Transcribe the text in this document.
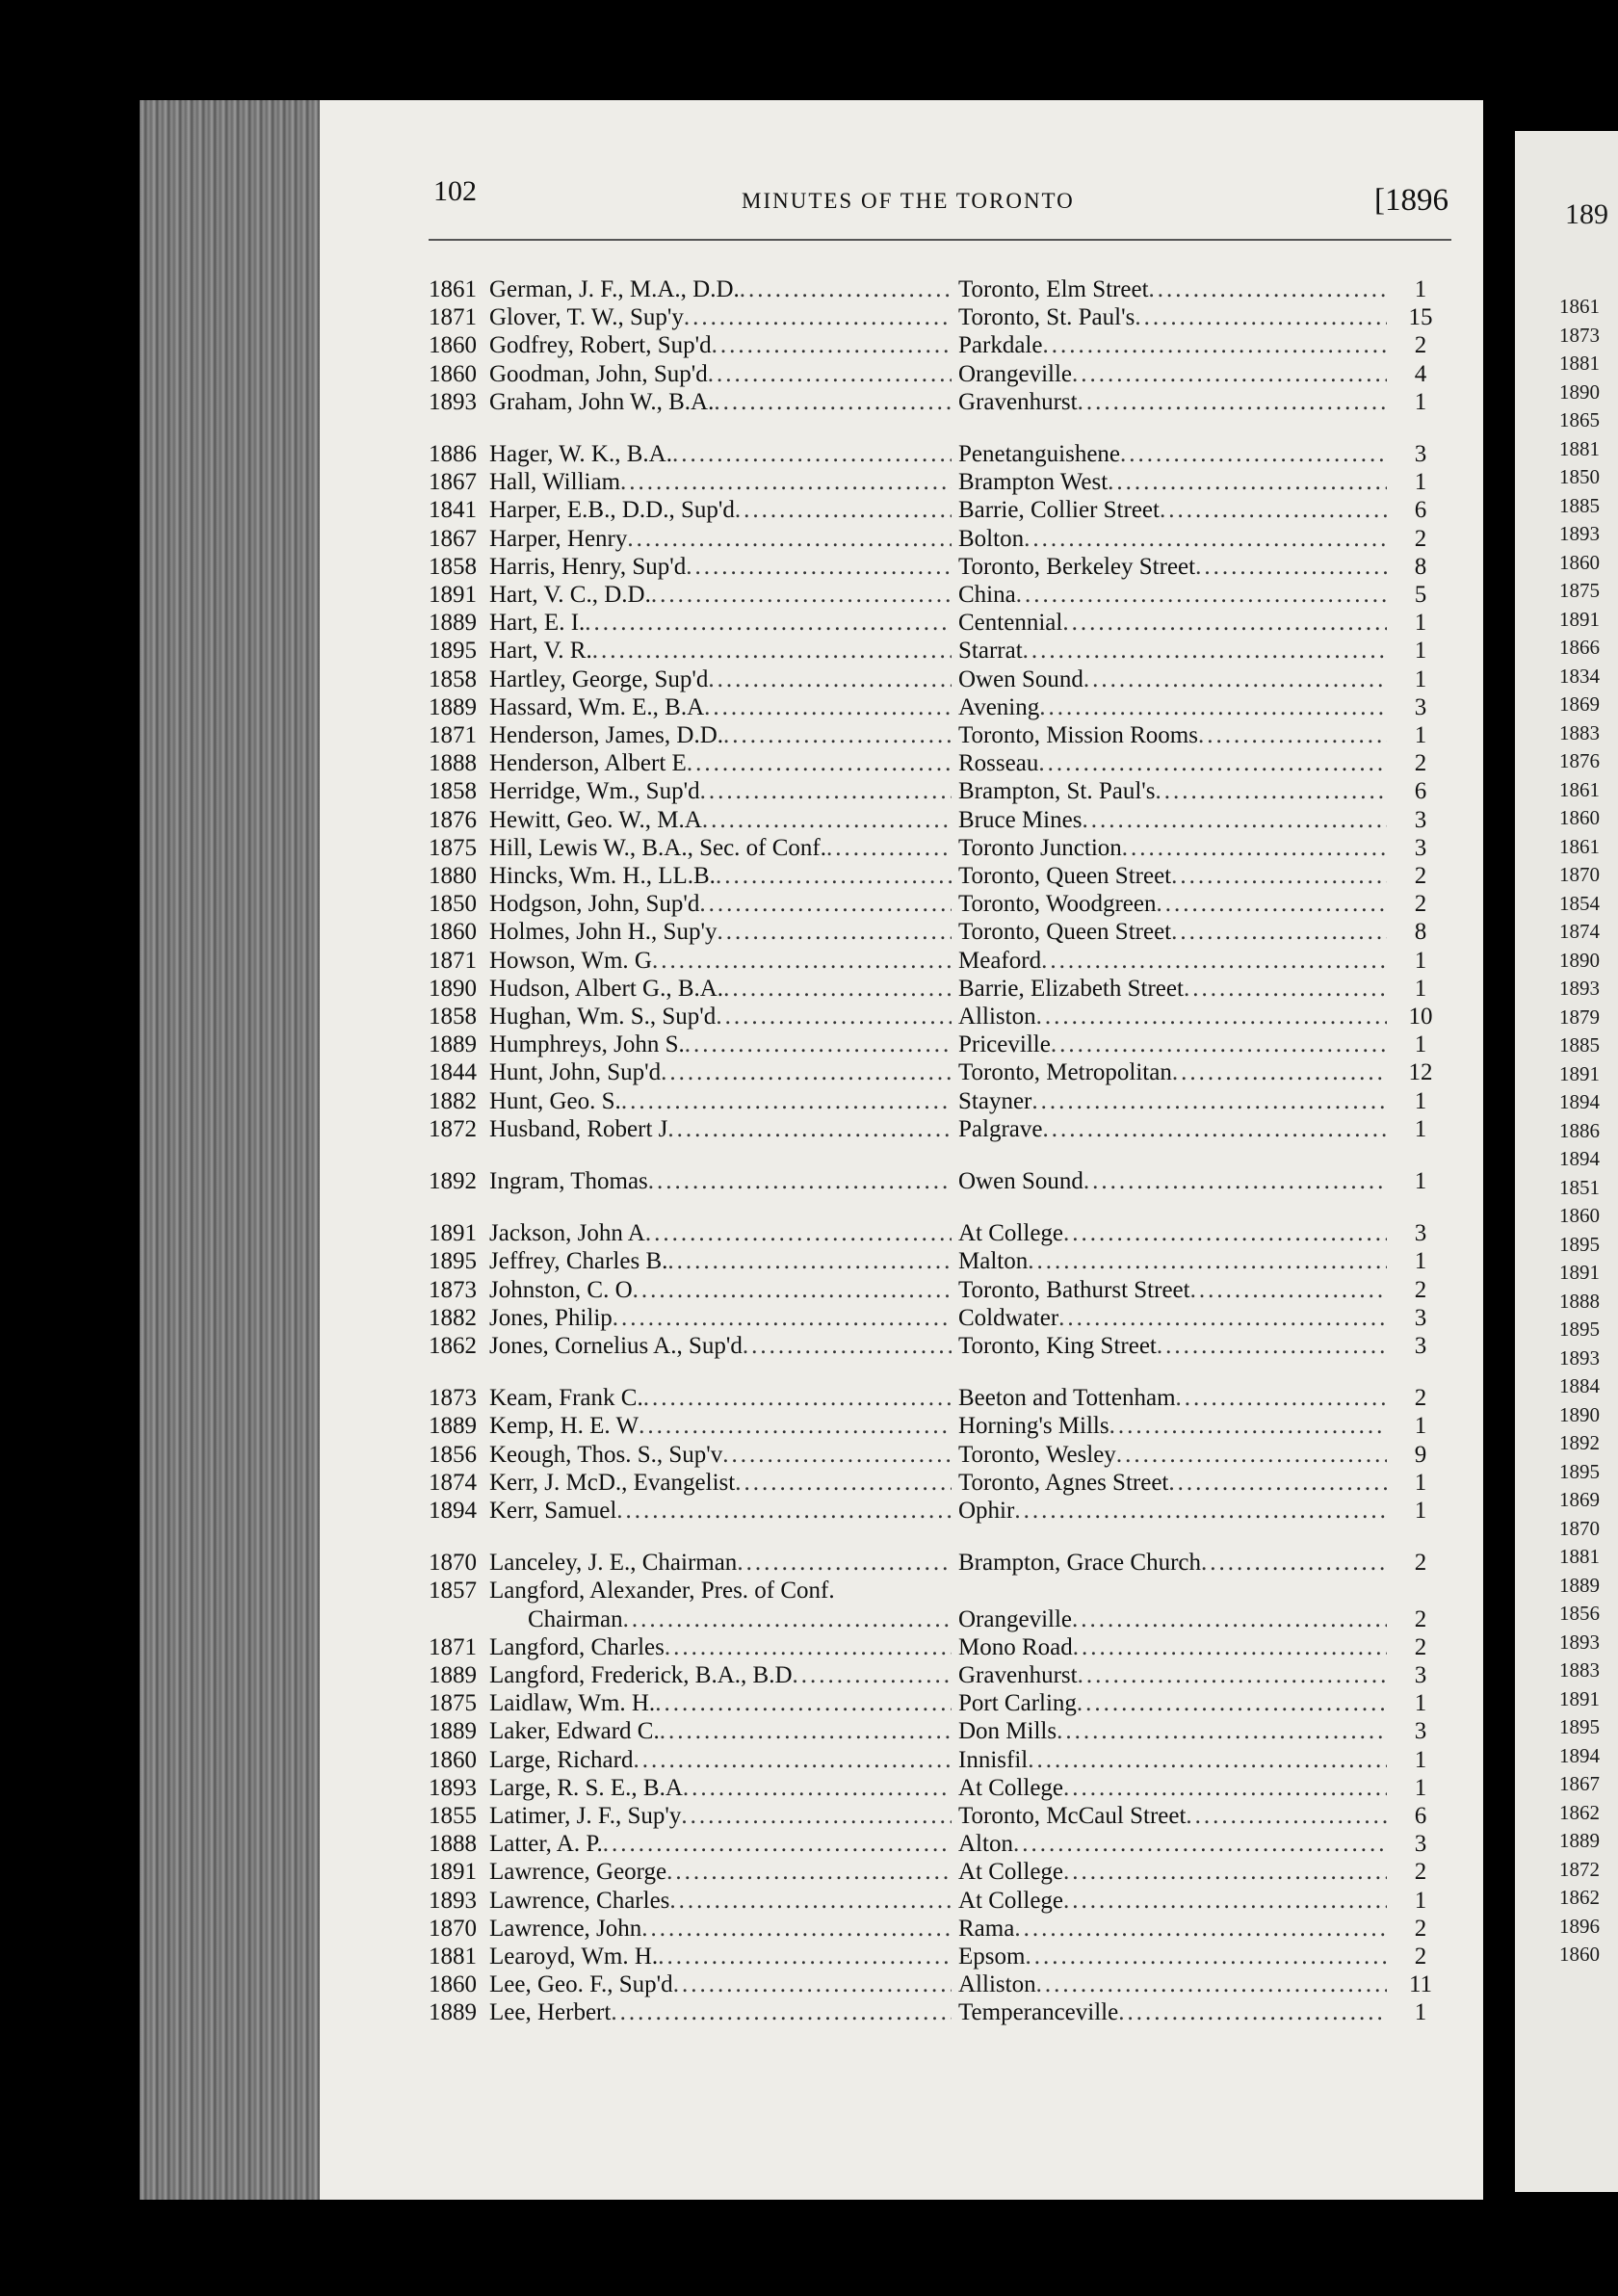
189
1861
1873
1881
1890
1865
1881
1850
1885
1893
1860
1875
1891
1866
1834
1869
1883
1876
1861
1860
1861
1870
1854
1874
1890
1893
1879
1885
1891
1894
1886
1894
1851
1860
1895
1891
1888
1895
1893
1884
1890
1892
1895
1869
1870
1881
1889
1856
1893
1883
1891
1895
1894
1867
1862
1889
1872
1862
1896
1860
102	MINUTES OF THE TORONTO	[1896
1861 German, J. F., M.A., D.D. .....	Toronto, Elm Street .....	1
1871 Glover, T. W., Sup'y .....	Toronto, St. Paul's .....	15
1860 Godfrey, Robert, Sup'd .....	Parkdale .....	2
1860 Goodman, John, Sup'd .....	Orangeville .....	4
1893 Graham, John W., B.A. .....	Gravenhurst .....	1
1886 Hager, W. K., B.A. .....	Penetanguishene .....	3
1867 Hall, William .....	Brampton West .....	1
1841 Harper, E.B., D.D., Sup'd .....	Barrie, Collier Street .....	6
1867 Harper, Henry .....	Bolton .....	2
1858 Harris, Henry, Sup'd .....	Toronto, Berkeley Street .....	8
1891 Hart, V. C., D.D. .....	China .....	5
1889 Hart, E. I. .....	Centennial .....	1
1895 Hart, V. R. .....	Starrat .....	1
1858 Hartley, George, Sup'd .....	Owen Sound .....	1
1889 Hassard, Wm. E., B.A .....	Avening .....	3
1871 Henderson, James, D.D. .....	Toronto, Mission Rooms .....	1
1888 Henderson, Albert E .....	Rosseau .....	2
1858 Herridge, Wm., Sup'd .....	Brampton, St. Paul's .....	6
1876 Hewitt, Geo. W., M.A .....	Bruce Mines .....	3
1875 Hill, Lewis W., B.A., Sec. of Conf. .....	Toronto Junction .....	3
1880 Hincks, Wm. H., LL.B. .....	Toronto, Queen Street .....	2
1850 Hodgson, John, Sup'd .....	Toronto, Woodgreen .....	2
1860 Holmes, John H., Sup'y .....	Toronto, Queen Street .....	8
1871 Howson, Wm. G .....	Meaford .....	1
1890 Hudson, Albert G., B.A. .....	Barrie, Elizabeth Street .....	1
1858 Hughan, Wm. S., Sup'd .....	Alliston .....	10
1889 Humphreys, John S. .....	Priceville .....	1
1844 Hunt, John, Sup'd .....	Toronto, Metropolitan .....	12
1882 Hunt, Geo. S. .....	Stayner .....	1
1872 Husband, Robert J .....	Palgrave .....	1
1892 Ingram, Thomas .....	Owen Sound .....	1
1891 Jackson, John A .....	At College .....	3
1895 Jeffrey, Charles B. .....	Malton .....	1
1873 Johnston, C. O .....	Toronto, Bathurst Street .....	2
1882 Jones, Philip .....	Coldwater .....	3
1862 Jones, Cornelius A., Sup'd .....	Toronto, King Street .....	3
1873 Keam, Frank C. .....	Beeton and Tottenham .....	2
1889 Kemp, H. E. W .....	Horning's Mills .....	1
1856 Keough, Thos. S., Sup'v .....	Toronto, Wesley .....	9
1874 Kerr, J. McD., Evangelist .....	Toronto, Agnes Street .....	1
1894 Kerr, Samuel .....	Ophir .....	1
1870 Lanceley, J. E., Chairman .....	Brampton, Grace Church .....	2
1857 Langford, Alexander, Pres. of Conf.
Chairman .....	Orangeville .....	2
1871 Langford, Charles .....	Mono Road .....	2
1889 Langford, Frederick, B.A., B.D .....	Gravenhurst .....	3
1875 Laidlaw, Wm. H. .....	Port Carling .....	1
1889 Laker, Edward C. .....	Don Mills .....	3
1860 Large, Richard .....	Innisfil .....	1
1893 Large, R. S. E., B.A .....	At College .....	1
1855 Latimer, J. F., Sup'y .....	Toronto, McCaul Street .....	6
1888 Latter, A. P. .....	Alton .....	3
1891 Lawrence, George .....	At College .....	2
1893 Lawrence, Charles .....	At College .....	1
1870 Lawrence, John .....	Rama .....	2
1881 Learoyd, Wm. H. .....	Epsom .....	2
1860 Lee, Geo. F., Sup'd .....	Alliston .....	11
1889 Lee, Herbert .....	Temperanceville .....	1
